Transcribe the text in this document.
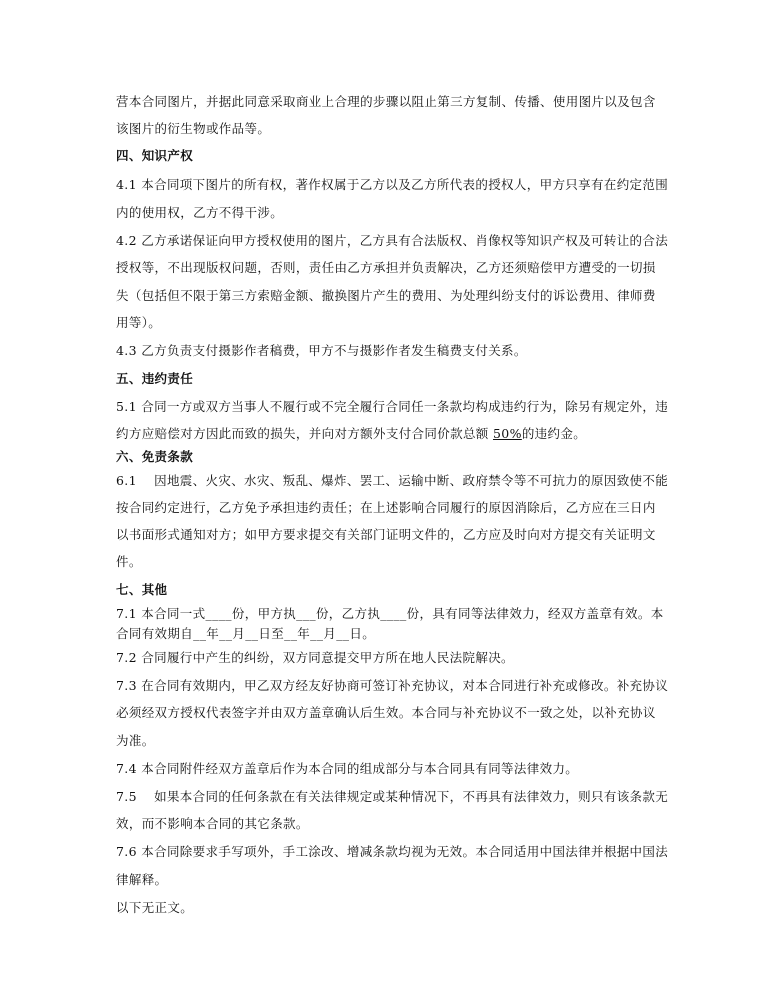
营本合同图片，并据此同意采取商业上合理的步骤以阻止第三方复制、传播、使用图片以及包含
该图片的衍生物或作品等。
四、知识产权
4.1 本合同项下图片的所有权，著作权属于乙方以及乙方所代表的授权人，甲方只享有在约定范围
内的使用权，乙方不得干涉。
4.2 乙方承诺保证向甲方授权使用的图片，乙方具有合法版权、肖像权等知识产权及可转让的合法
授权等，不出现版权问题，否则，责任由乙方承担并负责解决，乙方还须赔偿甲方遭受的一切损
失（包括但不限于第三方索赔金额、撤换图片产生的费用、为处理纠纷支付的诉讼费用、律师费
用等）。
4.3 乙方负责支付摄影作者稿费，甲方不与摄影作者发生稿费支付关系。
五、违约责任
5.1 合同一方或双方当事人不履行或不完全履行合同任一条款均构成违约行为，除另有规定外，违
约方应赔偿对方因此而致的损失，并向对方额外支付合同价款总额 50%的违约金。
六、免责条款
6.1　 因地震、火灾、水灾、叛乱、爆炸、罢工、运输中断、政府禁令等不可抗力的原因致使不能
按合同约定进行，乙方免予承担违约责任；在上述影响合同履行的原因消除后，乙方应在三日内
以书面形式通知对方；如甲方要求提交有关部门证明文件的，乙方应及时向对方提交有关证明文
件。
七、其他
7.1 本合同一式____份，甲方执___份，乙方执____份，具有同等法律效力，经双方盖章有效。本
合同有效期自__年__月__日至__年__月__日。
7.2 合同履行中产生的纠纷，双方同意提交甲方所在地人民法院解决。
7.3 在合同有效期内，甲乙双方经友好协商可签订补充协议，对本合同进行补充或修改。补充协议
必须经双方授权代表签字并由双方盖章确认后生效。本合同与补充协议不一致之处，以补充协议
为准。
7.4 本合同附件经双方盖章后作为本合同的组成部分与本合同具有同等法律效力。
7.5　 如果本合同的任何条款在有关法律规定或某种情况下，不再具有法律效力，则只有该条款无
效，而不影响本合同的其它条款。
7.6 本合同除要求手写项外，手工涂改、增减条款均视为无效。本合同适用中国法律并根据中国法
律解释。
以下无正文。
